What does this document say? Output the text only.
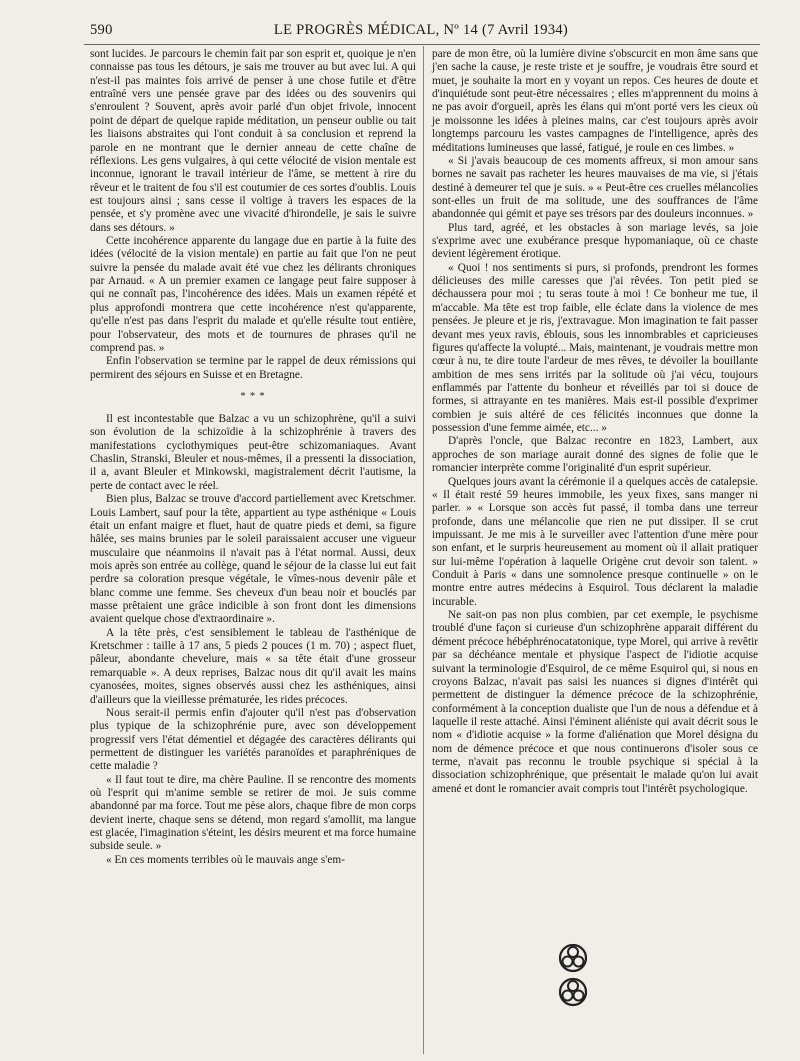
590	LE PROGRÈS MÉDICAL, Nº 14 (7 Avril 1934)

sont lucides. Je parcours le chemin fait par son esprit et, quoique je n'en connaisse pas tous les détours, je sais me trouver au but avec lui. A qui n'est-il pas maintes fois arrivé de penser à une chose futile et d'être entraîné vers une pensée grave par des idées ou des souvenirs qui s'enroulent ? Souvent, après avoir parlé d'un objet frivole, innocent point de départ de quelque rapide méditation, un penseur oublie ou tait les liaisons abstraites qui l'ont conduit à sa conclusion et reprend la parole en ne montrant que le dernier anneau de cette chaîne de réflexions. Les gens vulgaires, à qui cette vélocité de vision mentale est inconnue, ignorant le travail intérieur de l'âme, se mettent à rire du rêveur et le traitent de fou s'il est coutumier de ces sortes d'oublis. Louis est toujours ainsi ; sans cesse il voltige à travers les espaces de la pensée, et s'y promène avec une vivacité d'hirondelle, je sais le suivre dans ses détours. »

Cette incohérence apparente du langage due en partie à la fuite des idées (vélocité de la vision mentale) en partie au fait que l'on ne peut suivre la pensée du malade avait été vue chez les délirants chroniques par Arnaud. « A un premier examen ce langage peut faire supposer à qui ne connaît pas, l'incohérence des idées. Mais un examen répété et plus approfondi montrera que cette incohérence n'est qu'apparente, qu'elle n'est pas dans l'esprit du malade et qu'elle résulte tout entière, pour l'observateur, des mots et de tournures de phrases qu'il ne comprend pas. »

Enfin l'observation se termine par le rappel de deux rémissions qui permirent des séjours en Suisse et en Bretagne.

* * *

Il est incontestable que Balzac a vu un schizophrène, qu'il a suivi son évolution de la schizoïdie à la schizophrénie à travers des manifestations cyclothymiques peut-être schizomaniaques. Avant Chaslin, Stranski, Bleuler et nous-mêmes, il a pressenti la dissociation, il a, avant Bleuler et Minkowski, magistralement décrit l'autisme, la perte de contact avec le réel.

Bien plus, Balzac se trouve d'accord partiellement avec Kretschmer. Louis Lambert, sauf pour la tête, appartient au type asthénique « Louis était un enfant maigre et fluet, haut de quatre pieds et demi, sa figure hâlée, ses mains brunies par le soleil paraissaient accuser une vigueur musculaire que néanmoins il n'avait pas à l'état normal. Aussi, deux mois après son entrée au collège, quand le séjour de la classe lui eut fait perdre sa coloration presque végétale, le vîmes-nous devenir pâle et blanc comme une femme. Ses cheveux d'un beau noir et bouclés par masse prêtaient une grâce indicible à son front dont les dimensions avaient quelque chose d'extraordinaire ».

A la tête près, c'est sensiblement le tableau de l'asthénique de Kretschmer : taille à 17 ans, 5 pieds 2 pouces (1 m. 70) ; aspect fluet, pâleur, abondante chevelure, mais « sa tête était d'une grosseur remarquable ». A deux reprises, Balzac nous dit qu'il avait les mains cyanosées, moites, signes observés aussi chez les asthéniques, ainsi d'ailleurs que la vieillesse prématurée, les rides précoces.

Nous serait-il permis enfin d'ajouter qu'il n'est pas d'observation plus typique de la schizophrénie pure, avec son développement progressif vers l'état démentiel et dégagée des caractères délirants qui permettent de distinguer les variétés paranoïdes et paraphréniques de cette maladie ?

« Il faut tout te dire, ma chère Pauline. Il se rencontre des moments où l'esprit qui m'anime semble se retirer de moi. Je suis comme abandonné par ma force. Tout me pèse alors, chaque fibre de mon corps devient inerte, chaque sens se détend, mon regard s'amollit, ma langue est glacée, l'imagination s'éteint, les désirs meurent et ma force humaine subside seule. »

« En ces moments terribles où le mauvais ange s'em-

pare de mon être, où la lumière divine s'obscurcit en mon âme sans que j'en sache la cause, je reste triste et je souffre, je voudrais être sourd et muet, je souhaite la mort en y voyant un repos. Ces heures de doute et d'inquiétude sont peut-être nécessaires ; elles m'apprennent du moins à ne pas avoir d'orgueil, après les élans qui m'ont porté vers les cieux où je moissonne les idées à pleines mains, car c'est toujours après avoir longtemps parcouru les vastes campagnes de l'intelligence, après des méditations lumineuses que lassé, fatigué, je roule en ces limbes. »

« Si j'avais beaucoup de ces moments affreux, si mon amour sans bornes ne savait pas racheter les heures mauvaises de ma vie, si j'étais destiné à demeurer tel que je suis. » « Peut-être ces cruelles mélancolies sont-elles un fruit de ma solitude, une des souffrances de l'âme abandonnée qui gémit et paye ses trésors par des douleurs inconnues. »

Plus tard, agréé, et les obstacles à son mariage levés, sa joie s'exprime avec une exubérance presque hypomaniaque, où ce chaste devient légèrement érotique.

« Quoi ! nos sentiments si purs, si profonds, prendront les formes délicieuses des mille caresses que j'ai rêvées. Ton petit pied se déchaussera pour moi ; tu seras toute à moi ! Ce bonheur me tue, il m'accable. Ma tête est trop faible, elle éclate dans la violence de mes pensées. Je pleure et je ris, j'extravague. Mon imagination te fait passer devant mes yeux ravis, éblouis, sous les innombrables et capricieuses figures qu'affecte la volupté... Mais, maintenant, je voudrais mettre mon cœur à nu, te dire toute l'ardeur de mes rêves, te dévoiler la bouillante ambition de mes sens irrités par la solitude où j'ai vécu, toujours enflammés par l'attente du bonheur et réveillés par toi si douce de formes, si attrayante en tes manières. Mais est-il possible d'exprimer combien je suis altéré de ces félicités inconnues que donne la possession d'une femme aimée, etc... »

D'après l'oncle, que Balzac recontre en 1823, Lambert, aux approches de son mariage aurait donné des signes de folie que le romancier interprète comme l'originalité d'un esprit supérieur.

Quelques jours avant la cérémonie il a quelques accès de catalepsie. « Il était resté 59 heures immobile, les yeux fixes, sans manger ni parler. » « Lorsque son accès fut passé, il tomba dans une terreur profonde, dans une mélancolie que rien ne put dissiper. Il se crut impuissant. Je me mis à le surveiller avec l'attention d'une mère pour son enfant, et le surpris heureusement au moment où il allait pratiquer sur lui-même l'opération à laquelle Origène crut devoir son talent. » Conduit à Paris « dans une somnolence presque continuelle » on le montre entre autres médecins à Esquirol. Tous déclarent la maladie incurable.

Ne sait-on pas non plus combien, par cet exemple, le psychisme troublé d'une façon si curieuse d'un schizophrène apparait différent du dément précoce hébéphrénocatatonique, type Morel, qui arrive à revêtir par sa déchéance mentale et physique l'aspect de l'idiotie acquise suivant la terminologie d'Esquirol, de ce même Esquirol qui, si nous en croyons Balzac, n'avait pas saisi les nuances si dignes d'intérêt qui permettent de distinguer la démence précoce de la schizophrénie, conformément à la conception dualiste que l'un de nous a défendue et à laquelle il reste attaché. Ainsi l'éminent aliéniste qui avait décrit sous le nom « d'idiotie acquise » la forme d'aliénation que Morel désigna du nom de démence précoce et que nous continuerons d'isoler sous ce terme, n'avait pas reconnu le trouble psychique si spécial à la dissociation schizophrénique, que présentait le malade qu'on lui avait amené et dont le romancier avait compris tout l'intérêt psychologique.
